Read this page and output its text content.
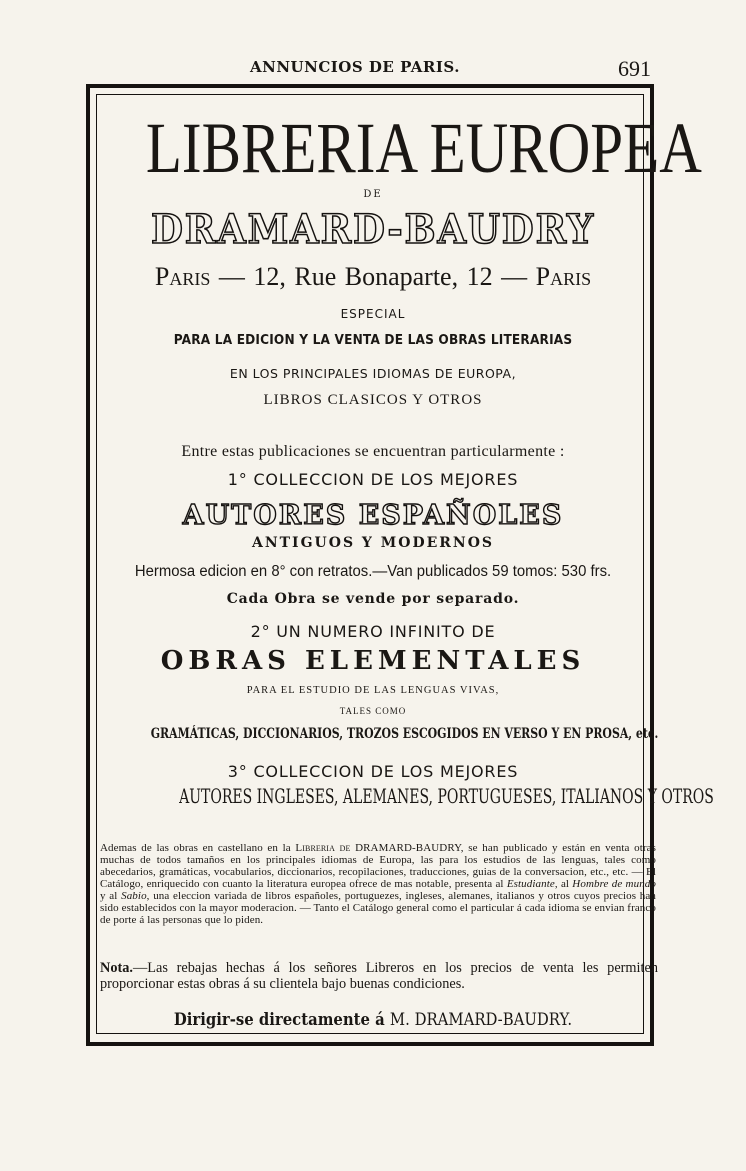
ANNUNCIOS DE PARIS.	691
LIBRERIA EUROPEA
DE
DRAMARD-BAUDRY
Paris — 12, Rue Bonaparte, 12 — Paris
ESPECIAL
PARA LA EDICION Y LA VENTA DE LAS OBRAS LITERARIAS
EN LOS PRINCIPALES IDIOMAS DE EUROPA,
LIBROS CLASICOS Y OTROS
Entre estas publicaciones se encuentran particularmente :
1° COLLECCION DE LOS MEJORES
AUTORES ESPAÑOLES
ANTIGUOS Y MODERNOS
Hermosa edicion en 8° con retratos.—Van publicados 59 tomos: 530 frs.
Cada Obra se vende por separado.
2° UN NUMERO INFINITO DE
OBRAS ELEMENTALES
PARA EL ESTUDIO DE LAS LENGUAS VIVAS,
TALES COMO
GRAMÁTICAS, DICCIONARIOS, TROZOS ESCOGIDOS EN VERSO Y EN PROSA, etc.
3° COLLECCION DE LOS MEJORES
AUTORES INGLESES, ALEMANES, PORTUGUESES, ITALIANOS Y OTROS
Ademas de las obras en castellano en la Libreria de DRAMARD-BAUDRY, se han publicado y están en venta otras muchas de todos tamaños en los principales idiomas de Europa, las para los estudios de las lenguas, tales como abecedarios, gramáticas, vocabularios, diccionarios, recopilaciones, traducciones, guias de la conversacion, etc., etc. — El Catálogo, enriquecido con cuanto la literatura europea ofrece de mas notable, presenta al Estudiante, al Hombre de mundo y al Sabio, una eleccion variada de libros españoles, portuguezes, ingleses, alemanes, italianos y otros cuyos precios han sido establecidos con la mayor moderacion. — Tanto el Catálogo general como el particular á cada idioma se envian franco de porte á las personas que lo piden.
Nota.—Las rebajas hechas á los señores Libreros en los precios de venta les permiten proporcionar estas obras á su clientela bajo buenas condiciones.
Dirigir-se directamente á M. DRAMARD-BAUDRY.
